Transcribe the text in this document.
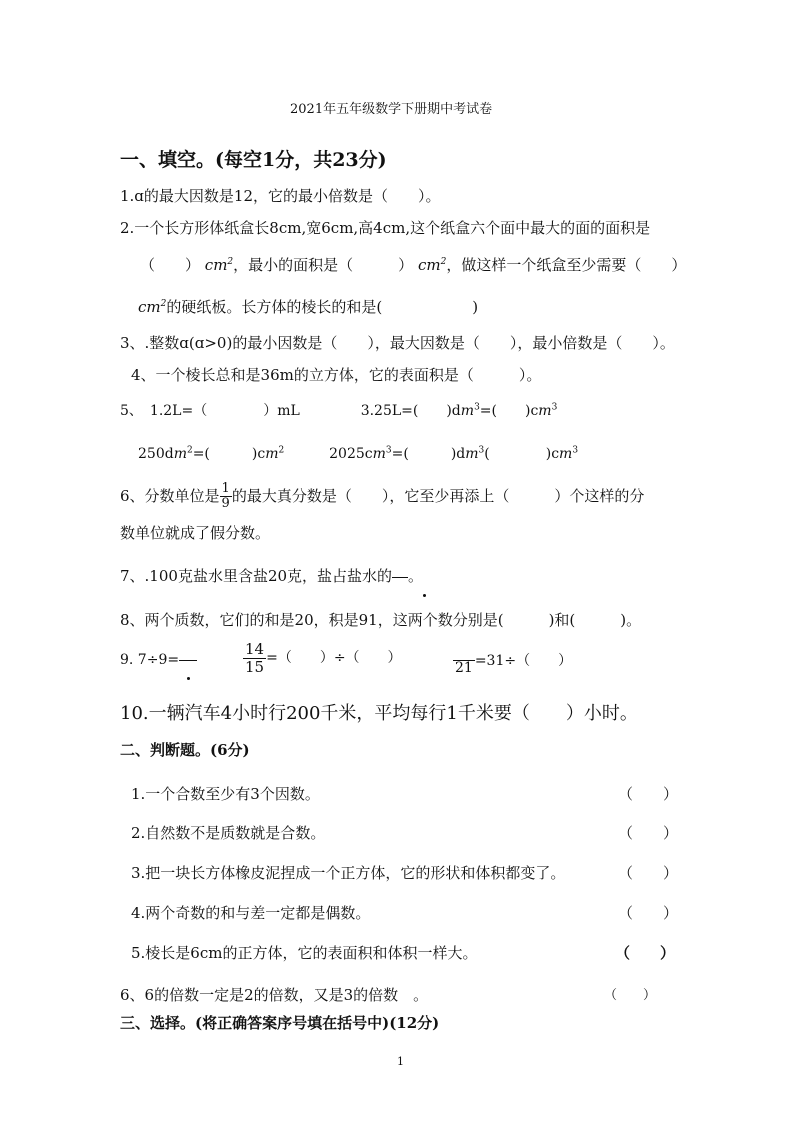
2021年五年级数学下册期中考试卷
一、填空。(每空1分，共23分)
1.ɑ的最大因数是12，它的最小倍数是（　　）。
2.一个长方形体纸盒长8cm,宽6cm,高4cm,这个纸盒六个面中最大的面的面积是
（　　） $cm^2$，最小的面积是（　　　） $cm^2$，做这样一个纸盒至少需要（　　）
$cm^2$的硬纸板。长方体的棱长的和是(　　　　　　)
3、.整数ɑ(ɑ>0)的最小因数是（　　），最大因数是（　　），最小倍数是（　　）。
4、一个棱长总和是36m的立方体，它的表面积是（　　　）。
5、　1.2L=（　　　　）mL	3.25L=(　　)$dm^3=$(　　)$cm^3$
$250dm^2=$(　　　)$cm^2$	$2025cm^3=$(　　　)$dm^3$(　　　　)$cm^3$
6、分数单位是 $\frac{1}{9}$ 的最大真分数是（　　），它至少再添上（　　　）个这样的分
数单位就成了假分数。
7、.100克盐水里含盐20克，盐占盐水的 。
8、两个质数，它们的和是20，积是91，这两个数分别是(　　　)和(　　　)。
9. 7÷9=	$\frac{14}{15}$ =（　　）÷（　　）

21 =31÷（　　）
10.一辆汽车4小时行200千米，平均每行1千米要（　　）小时。
二、判断题。(6分)
1.一个合数至少有3个因数。	（　　）
2.自然数不是质数就是合数。	（　　）
3.把一块长方体橡皮泥捏成一个正方体，它的形状和体积都变了。	（　　）
4.两个奇数的和与差一定都是偶数。	（　　）
5.棱长是6cm的正方体，它的表面积和体积一样大。	（　　）
6、6的倍数一定是2的倍数，又是3的倍数　。	（　　）
三、选择。(将正确答案序号填在括号中)(12分)
1
